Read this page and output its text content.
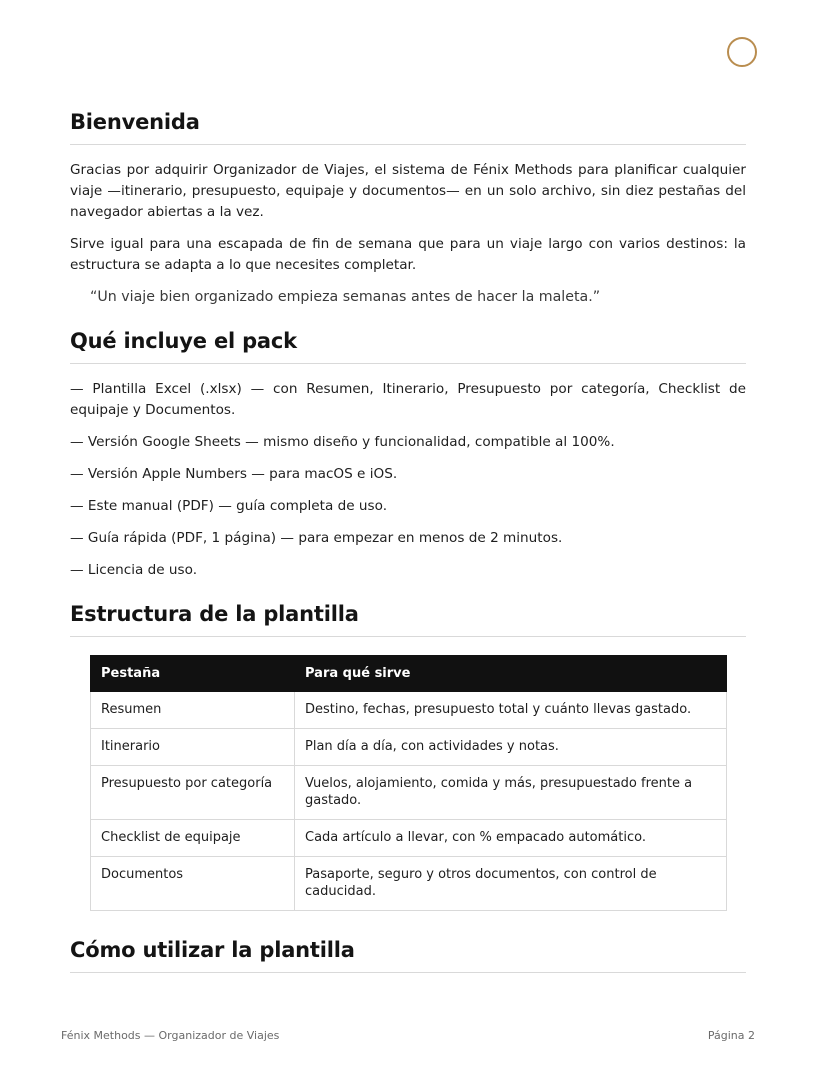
Bienvenida

Gracias por adquirir Organizador de Viajes, el sistema de Fénix Methods para planificar cualquier viaje —itinerario, presupuesto, equipaje y documentos— en un solo archivo, sin diez pestañas del navegador abiertas a la vez.

Sirve igual para una escapada de fin de semana que para un viaje largo con varios destinos: la estructura se adapta a lo que necesites completar.

“Un viaje bien organizado empieza semanas antes de hacer la maleta.”

Qué incluye el pack

— Plantilla Excel (.xlsx) — con Resumen, Itinerario, Presupuesto por categoría, Checklist de equipaje y Documentos.

— Versión Google Sheets — mismo diseño y funcionalidad, compatible al 100%.

— Versión Apple Numbers — para macOS e iOS.

— Este manual (PDF) — guía completa de uso.

— Guía rápida (PDF, 1 página) — para empezar en menos de 2 minutos.

— Licencia de uso.

Estructura de la plantilla
Pestaña	Para qué sirve
Resumen	Destino, fechas, presupuesto total y cuánto llevas gastado.
Itinerario	Plan día a día, con actividades y notas.
Presupuesto por categoría	Vuelos, alojamiento, comida y más, presupuestado frente a gastado.
Checklist de equipaje	Cada artículo a llevar, con % empacado automático.
Documentos	Pasaporte, seguro y otros documentos, con control de caducidad.
Cómo utilizar la plantilla
Fénix Methods — Organizador de Viajes	Página 2
